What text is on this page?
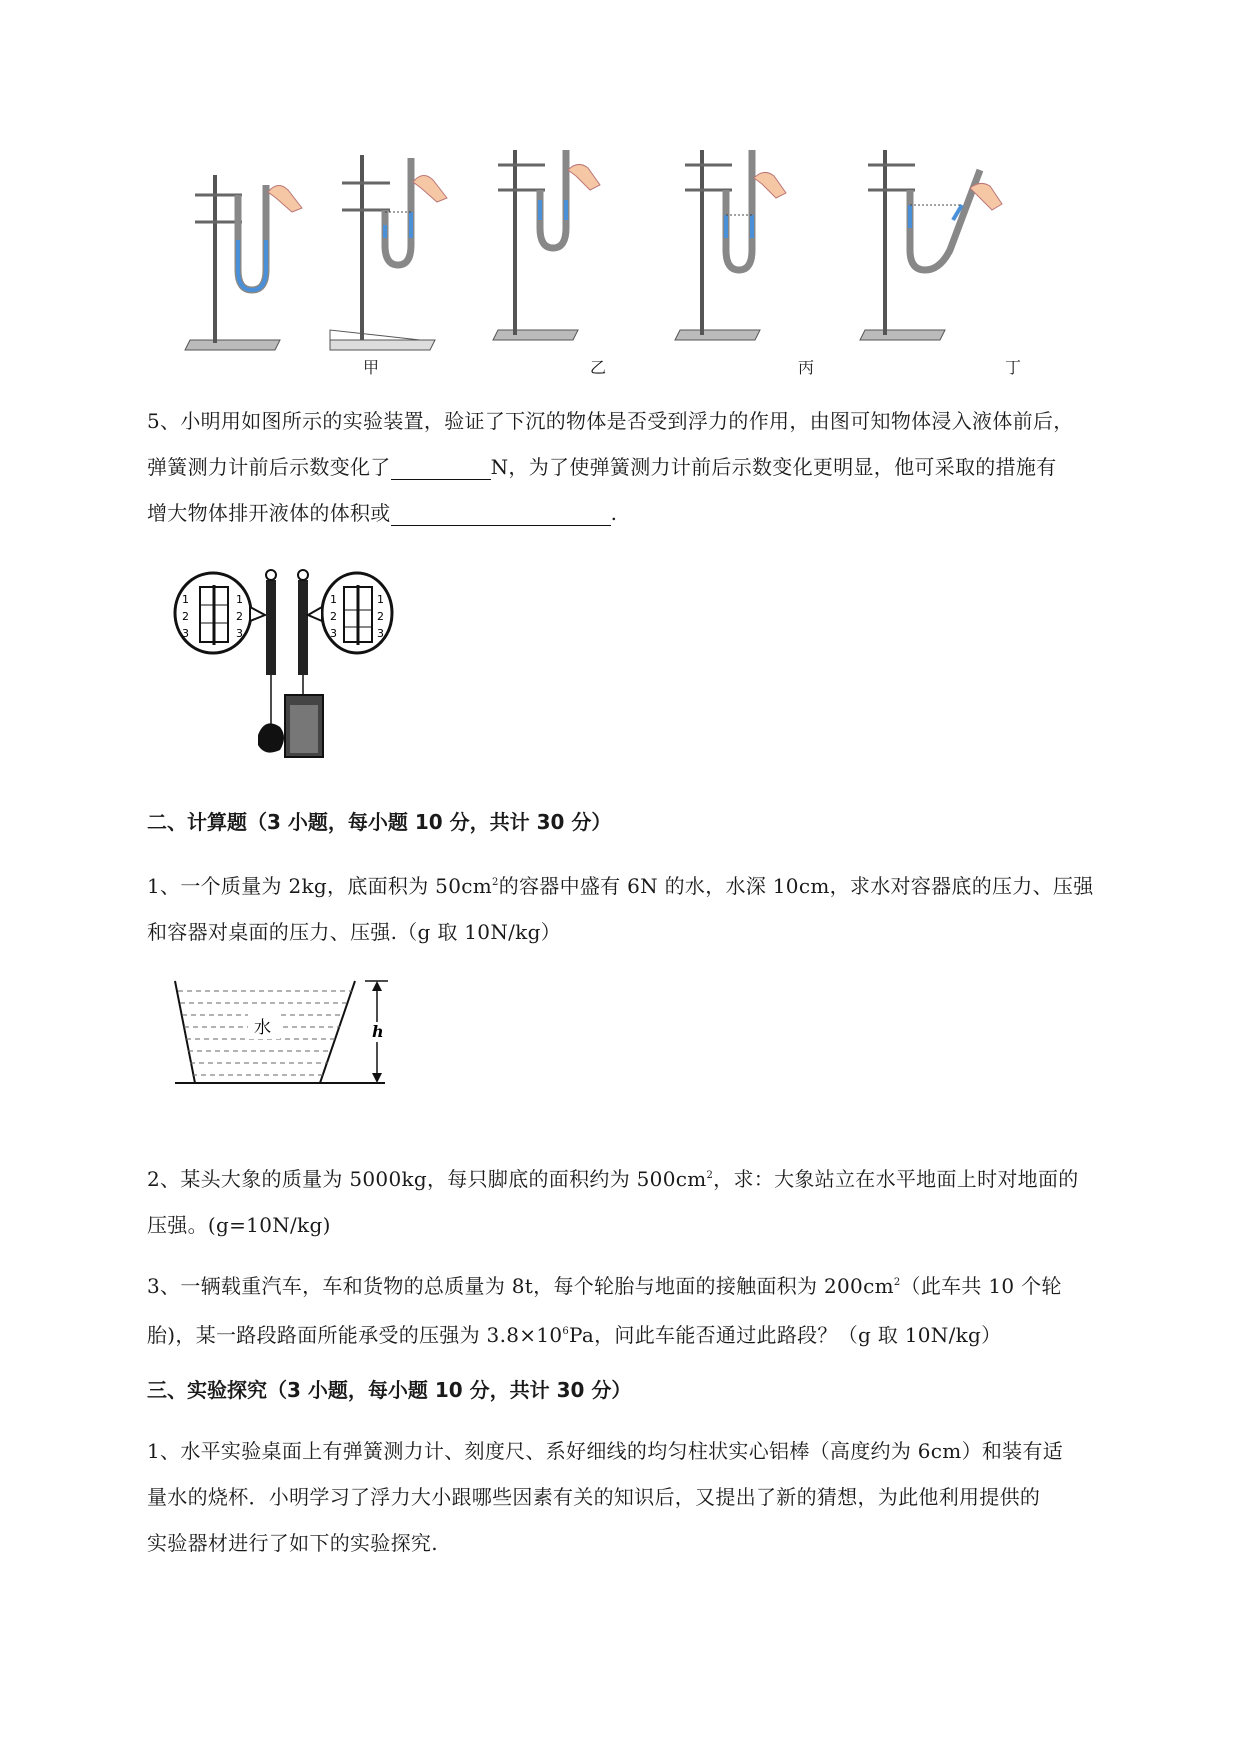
甲	乙	丙	丁
5、小明用如图所示的实验装置，验证了下沉的物体是否受到浮力的作用，由图可知物体浸入液体前后，
弹簧测力计前后示数变化了	N，为了使弹簧测力计前后示数变化更明显，他可采取的措施有
增大物体排开液体的体积或	.
1
2
3
1
2
3
1
2
3
1
2
3
二、计算题（3 小题，每小题 10 分，共计 30 分）
1、一个质量为 2kg，底面积为 $50cm^2$的容器中盛有 6N 的水，水深 10cm，求水对容器底的压力、压强
和容器对桌面的压力、压强.（g 取 10N/kg）
水	h
2、某头大象的质量为 5000kg，每只脚底的面积约为 $500cm^2$，求：大象站立在水平地面上时对地面的
压强。(g=10N/kg)
3、一辆载重汽车，车和货物的总质量为 8t，每个轮胎与地面的接触面积为 $200cm^2$（此车共 10 个轮
胎)，某一路段路面所能承受的压强为 $3.8\times 10^6Pa$，问此车能否通过此路段？（g 取 10N/kg）
三、实验探究（3 小题，每小题 10 分，共计 30 分）
1、水平实验桌面上有弹簧测力计、刻度尺、系好细线的均匀柱状实心铝棒（高度约为 6cm）和装有适
量水的烧杯．小明学习了浮力大小跟哪些因素有关的知识后，又提出了新的猜想，为此他利用提供的
实验器材进行了如下的实验探究.
